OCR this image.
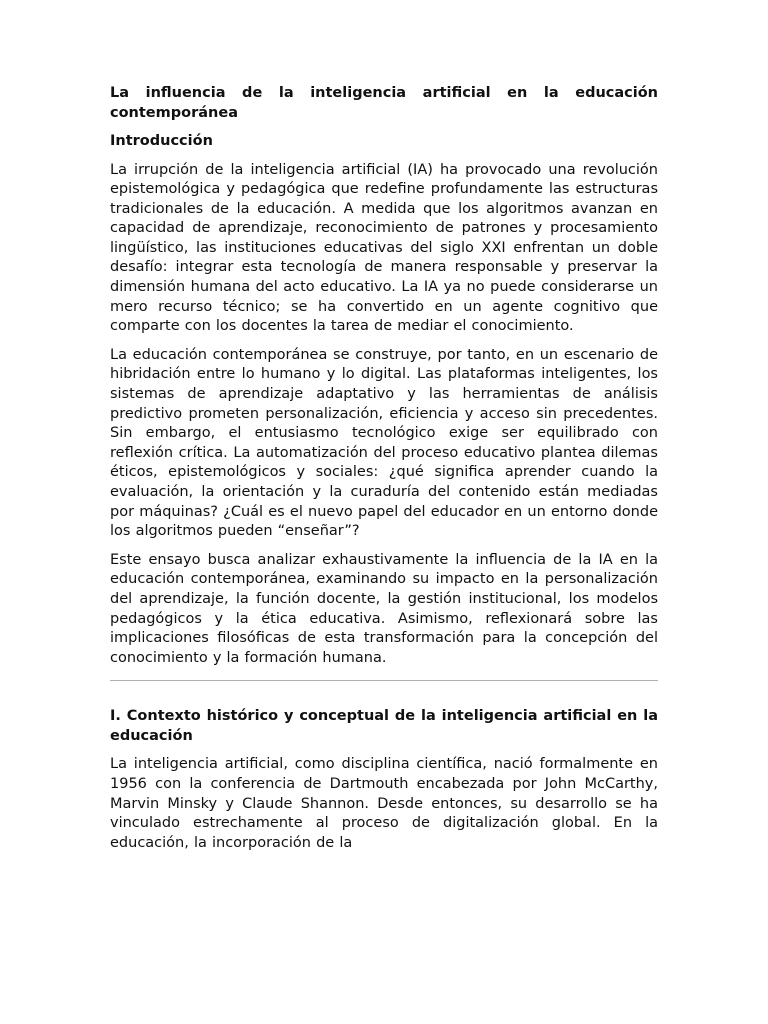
La influencia de la inteligencia artificial en la educación contemporánea
Introducción

La irrupción de la inteligencia artificial (IA) ha provocado una revolución epistemológica y pedagógica que redefine profundamente las estructuras tradicionales de la educación. A medida que los algoritmos avanzan en capacidad de aprendizaje, reconocimiento de patrones y procesamiento lingüístico, las instituciones educativas del siglo XXI enfrentan un doble desafío: integrar esta tecnología de manera responsable y preservar la dimensión humana del acto educativo. La IA ya no puede considerarse un mero recurso técnico; se ha convertido en un agente cognitivo que comparte con los docentes la tarea de mediar el conocimiento.

La educación contemporánea se construye, por tanto, en un escenario de hibridación entre lo humano y lo digital. Las plataformas inteligentes, los sistemas de aprendizaje adaptativo y las herramientas de análisis predictivo prometen personalización, eficiencia y acceso sin precedentes. Sin embargo, el entusiasmo tecnológico exige ser equilibrado con reflexión crítica. La automatización del proceso educativo plantea dilemas éticos, epistemológicos y sociales: ¿qué significa aprender cuando la evaluación, la orientación y la curaduría del contenido están mediadas por máquinas? ¿Cuál es el nuevo papel del educador en un entorno donde los algoritmos pueden “enseñar”?

Este ensayo busca analizar exhaustivamente la influencia de la IA en la educación contemporánea, examinando su impacto en la personalización del aprendizaje, la función docente, la gestión institucional, los modelos pedagógicos y la ética educativa. Asimismo, reflexionará sobre las implicaciones filosóficas de esta transformación para la concepción del conocimiento y la formación humana.

I. Contexto histórico y conceptual de la inteligencia artificial en la educación

La inteligencia artificial, como disciplina científica, nació formalmente en 1956 con la conferencia de Dartmouth encabezada por John McCarthy, Marvin Minsky y Claude Shannon. Desde entonces, su desarrollo se ha vinculado estrechamente al proceso de digitalización global. En la educación, la incorporación de la
